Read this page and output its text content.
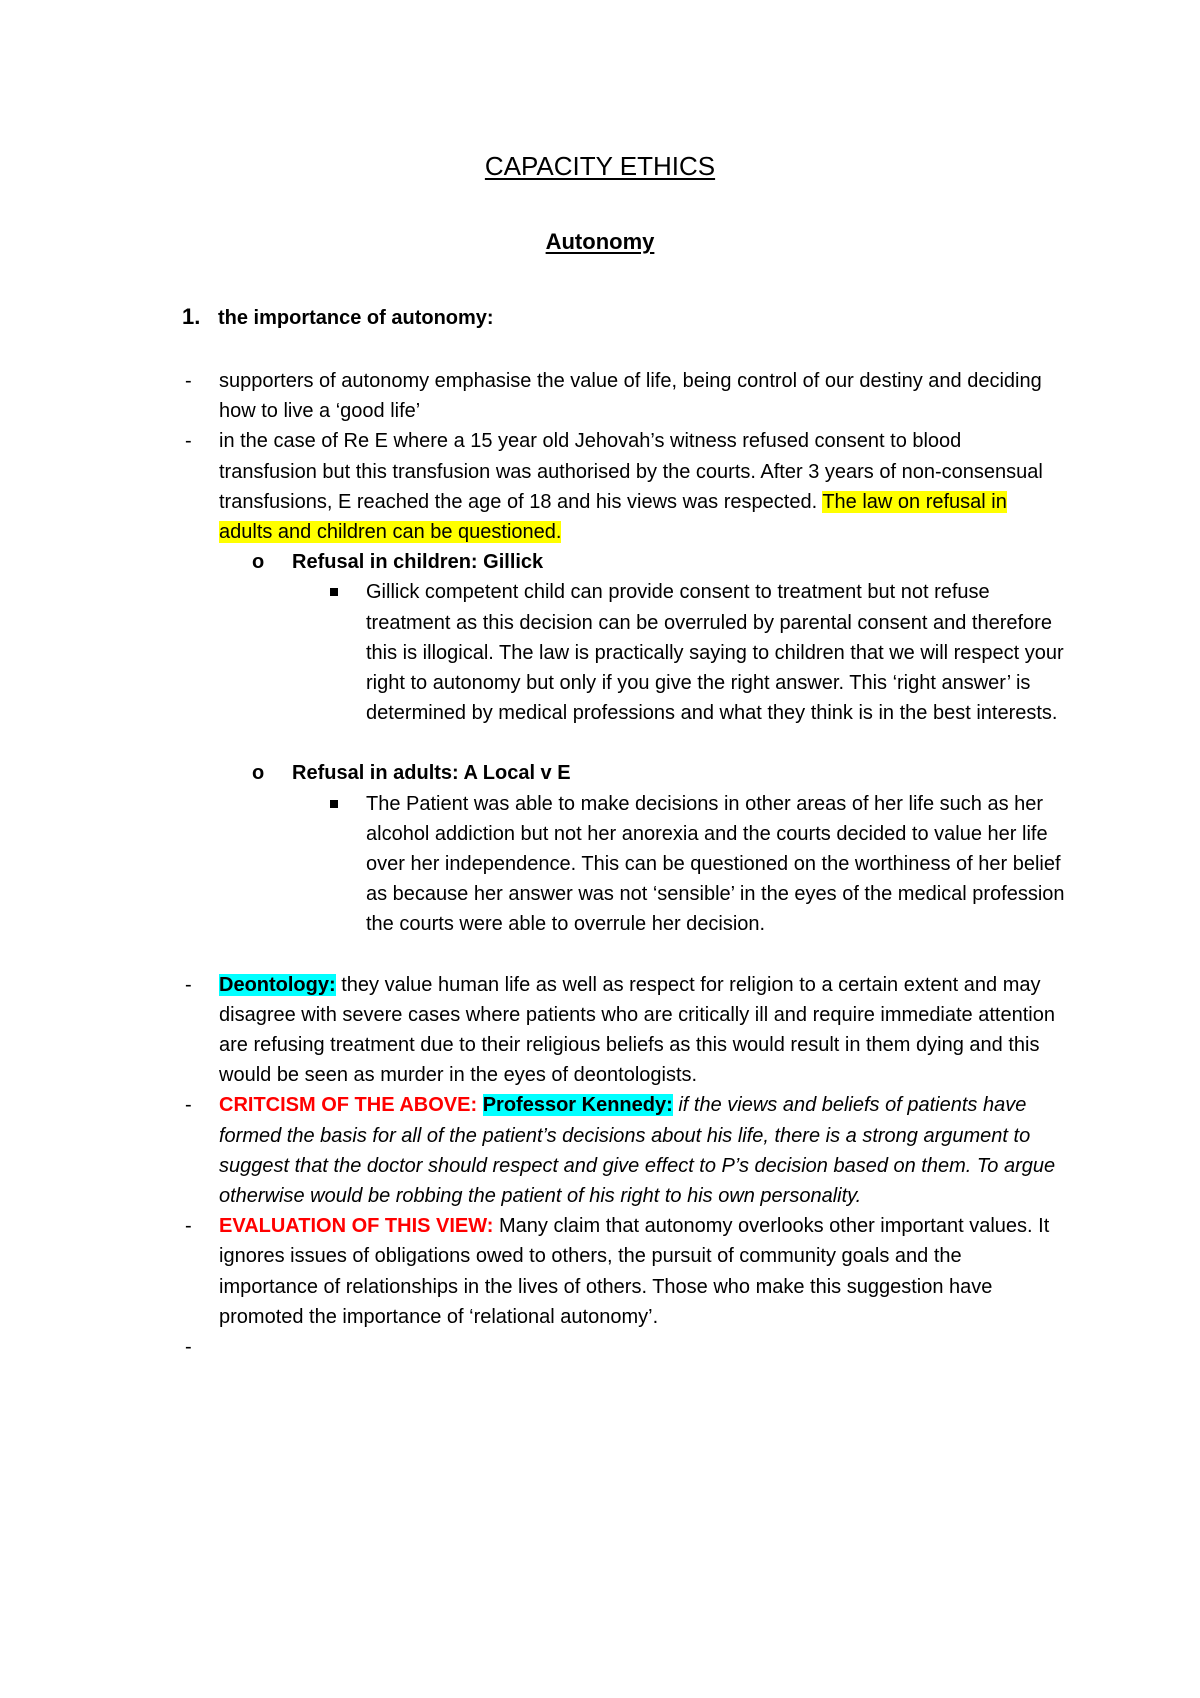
CAPACITY ETHICS
Autonomy
1. the importance of autonomy:
- supporters of autonomy emphasise the value of life, being control of our destiny and deciding how to live a ‘good life’
- in the case of Re E where a 15 year old Jehovah’s witness refused consent to blood transfusion but this transfusion was authorised by the courts. After 3 years of non-consensual transfusions, E reached the age of 18 and his views was respected. The law on refusal in adults and children can be questioned.
o Refusal in children: Gillick
Gillick competent child can provide consent to treatment but not refuse treatment as this decision can be overruled by parental consent and therefore this is illogical. The law is practically saying to children that we will respect your right to autonomy but only if you give the right answer. This ‘right answer’ is determined by medical professions and what they think is in the best interests.
o Refusal in adults: A Local v E
The Patient was able to make decisions in other areas of her life such as her alcohol addiction but not her anorexia and the courts decided to value her life over her independence. This can be questioned on the worthiness of her belief as because her answer was not ‘sensible’ in the eyes of the medical profession the courts were able to overrule her decision.
- Deontology: they value human life as well as respect for religion to a certain extent and may disagree with severe cases where patients who are critically ill and require immediate attention are refusing treatment due to their religious beliefs as this would result in them dying and this would be seen as murder in the eyes of deontologists.
- CRITCISM OF THE ABOVE: Professor Kennedy: if the views and beliefs of patients have formed the basis for all of the patient’s decisions about his life, there is a strong argument to suggest that the doctor should respect and give effect to P’s decision based on them. To argue otherwise would be robbing the patient of his right to his own personality.
- EVALUATION OF THIS VIEW: Many claim that autonomy overlooks other important values. It ignores issues of obligations owed to others, the pursuit of community goals and the importance of relationships in the lives of others. Those who make this suggestion have promoted the importance of ‘relational autonomy’.
-
